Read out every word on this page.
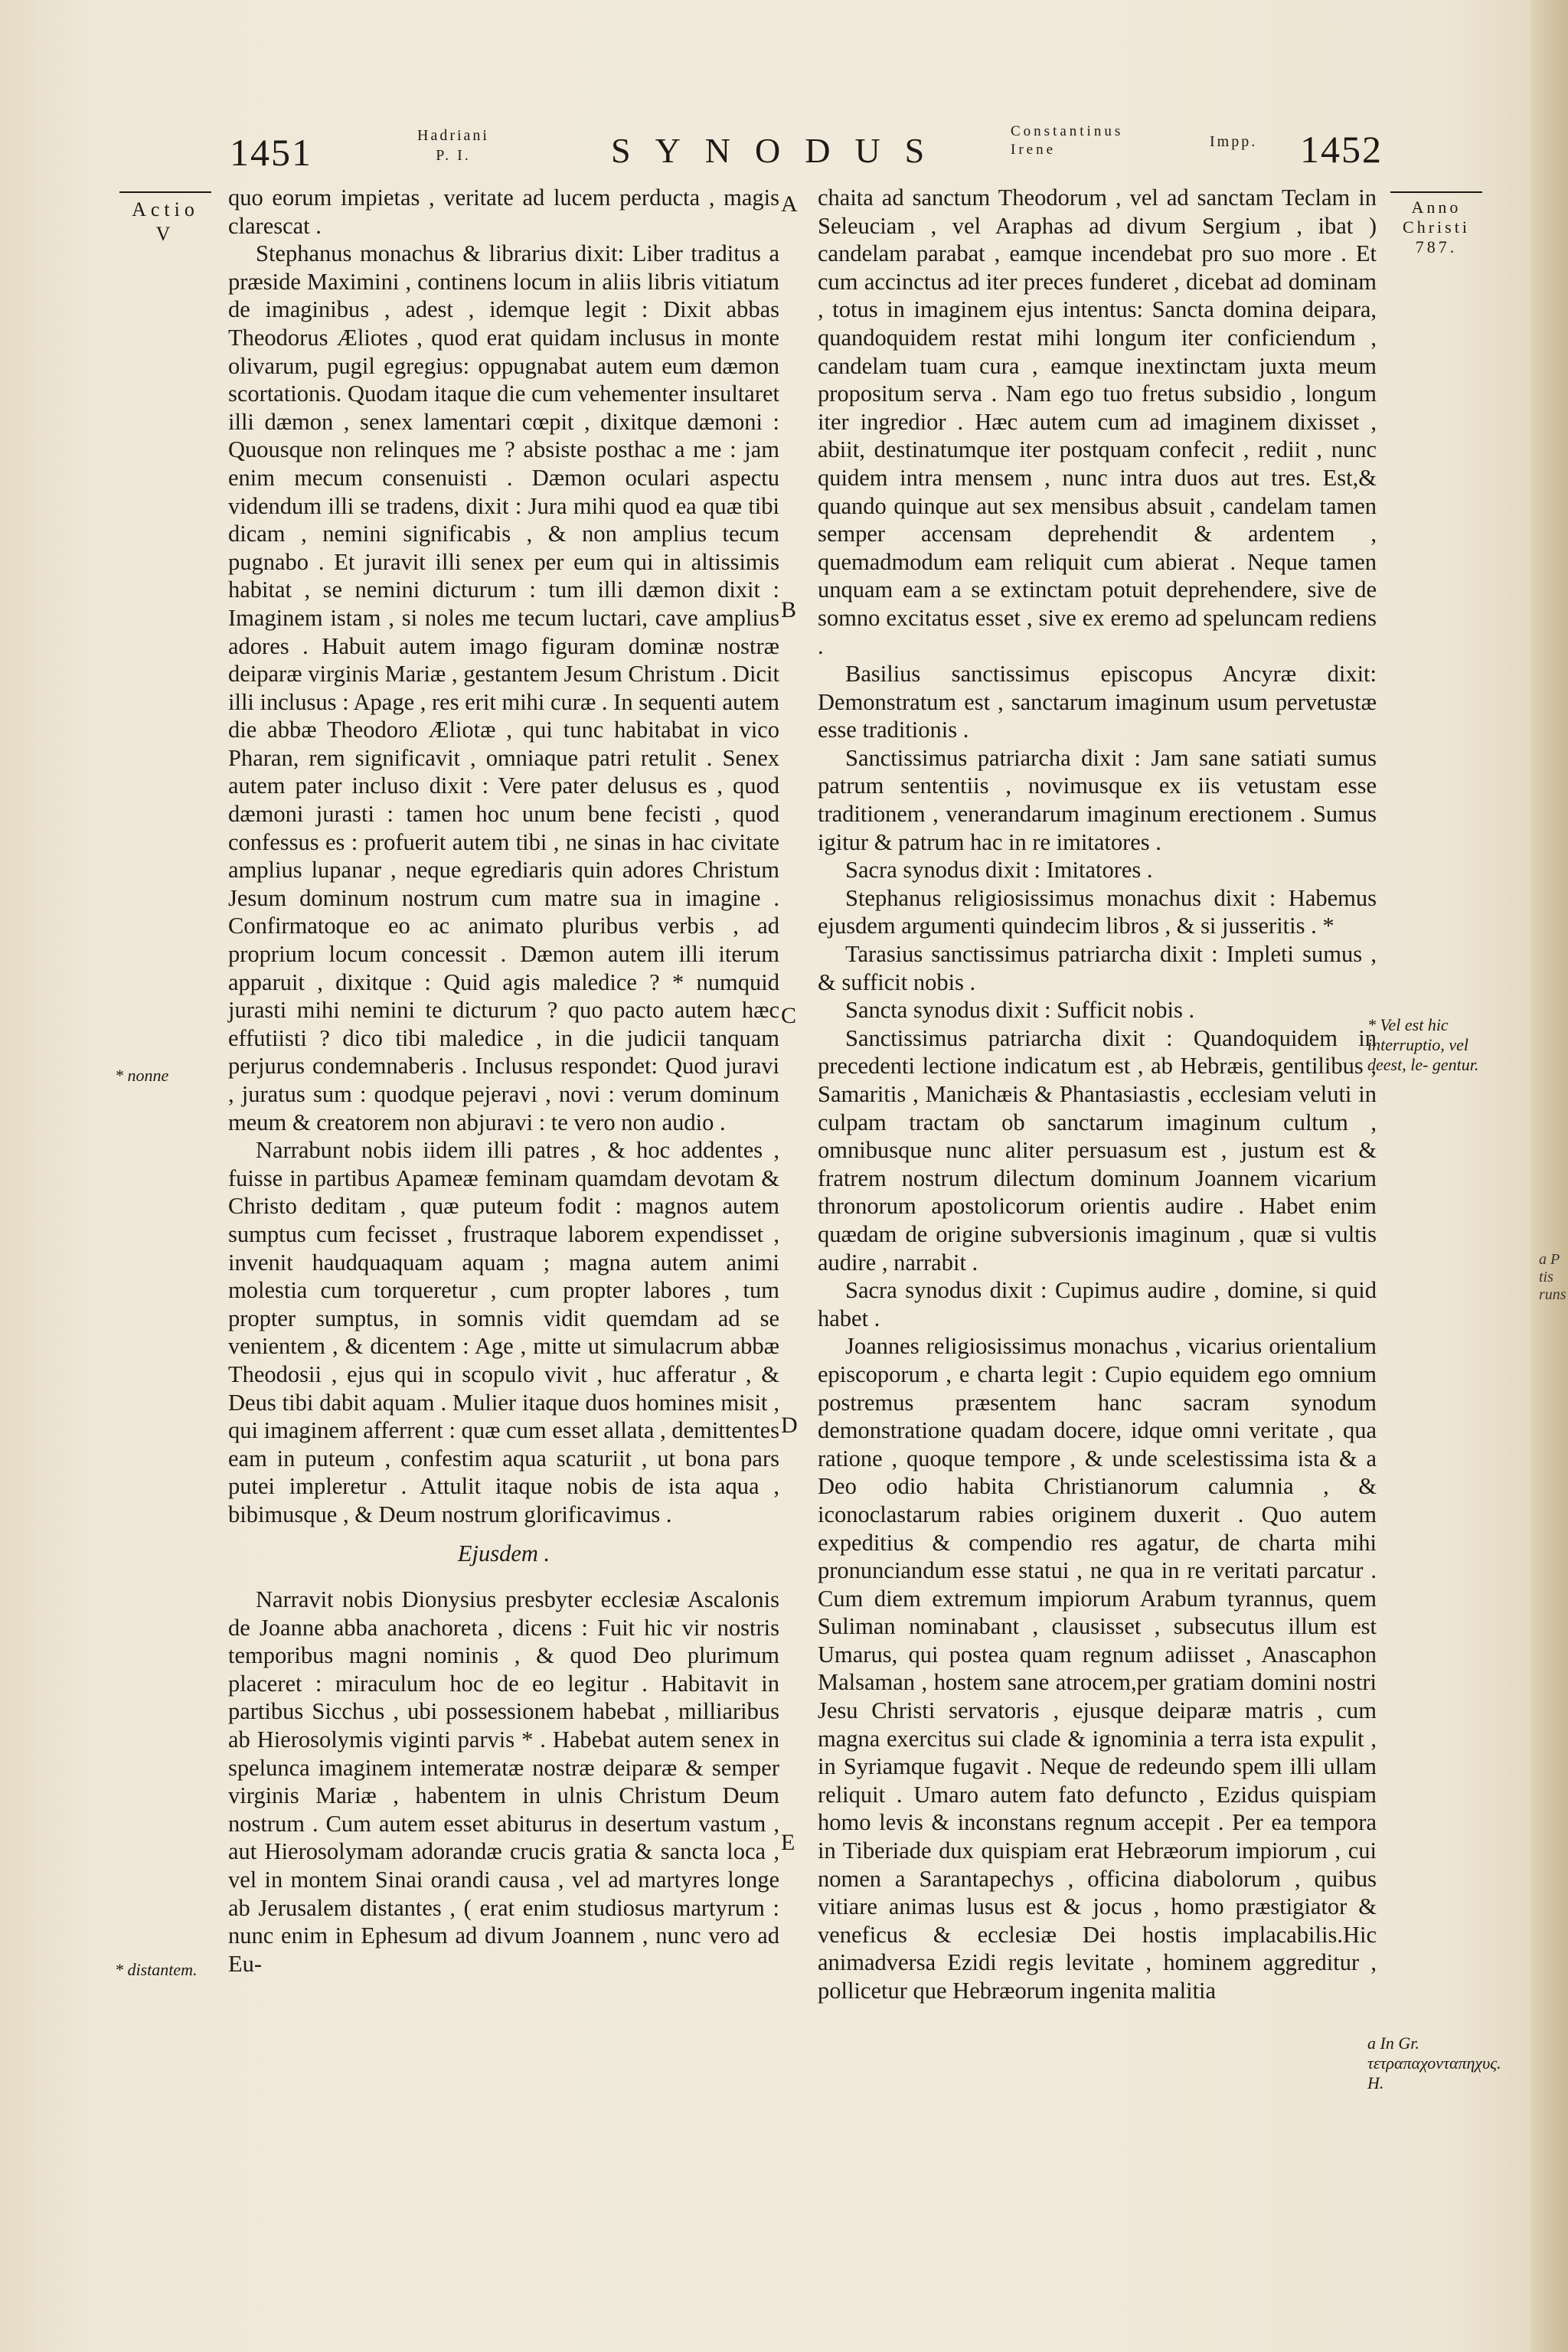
1451	Hadriani
P. I.	SYNODUS	Constantinus
Irene	Impp. 1452
Actio
V
Anno
Christi
787.

quo eorum impietas , veritate ad lucem perducta , magis clarescat .

Stephanus monachus & librarius dixit: Liber traditus a præside Maximini , continens locum in aliis libris vitiatum de imaginibus , adest , idemque legit : Dixit abbas Theodorus Æliotes , quod erat quidam inclusus in monte olivarum, pugil egregius: oppugnabat autem eum dæmon scortationis. Quodam itaque die cum vehementer insultaret illi dæmon , senex lamentari cœpit , dixitque dæmoni : Quousque non relinques me ? absiste posthac a me : jam enim mecum consenuisti . Dæmon oculari aspectu videndum illi se tradens, dixit : Jura mihi quod ea quæ tibi dicam , nemini significabis , & non amplius tecum pugnabo . Et juravit illi senex per eum qui in altissimis habitat , se nemini dicturum : tum illi dæmon dixit : Imaginem istam , si noles me tecum luctari, cave amplius adores . Habuit autem imago figuram dominæ nostræ deiparæ virginis Mariæ , gestantem Jesum Christum . Dicit illi inclusus : Apage , res erit mihi curæ . In sequenti autem die abbæ Theodoro Æliotæ , qui tunc habitabat in vico Pharan, rem significavit , omniaque patri retulit . Senex autem pater incluso dixit : Vere pater delusus es , quod dæmoni jurasti : tamen hoc unum bene fecisti , quod confessus es : profuerit autem tibi , ne sinas in hac civitate amplius lupanar , neque egrediaris quin adores Christum Jesum dominum nostrum cum matre sua in imagine . Confirmatoque eo ac animato pluribus verbis , ad proprium locum concessit . Dæmon autem illi iterum apparuit , dixitque : Quid agis maledice ? * numquid jurasti mihi nemini te dicturum ? quo pacto autem hæc effutiisti ? dico tibi maledice , in die judicii tanquam perjurus condemnaberis . Inclusus respondet: Quod juravi , juratus sum : quodque pejeravi , novi : verum dominum meum & creatorem non abjuravi : te vero non audio .

Narrabunt nobis iidem illi patres , & hoc addentes , fuisse in partibus Apameæ feminam quamdam devotam & Christo deditam , quæ puteum fodit : magnos autem sumptus cum fecisset , frustraque laborem expendisset , invenit haudquaquam aquam ; magna autem animi molestia cum torqueretur , cum propter labores , tum propter sumptus, in somnis vidit quemdam ad se venientem , & dicentem : Age , mitte ut simulacrum abbæ Theodosii , ejus qui in scopulo vivit , huc afferatur , & Deus tibi dabit aquam . Mulier itaque duos homines misit , qui imaginem afferrent : quæ cum esset allata , demittentes eam in puteum , confestim aqua scaturiit , ut bona pars putei impleretur . Attulit itaque nobis de ista aqua , bibimusque , & Deum nostrum glorificavimus .

Ejusdem .

Narravit nobis Dionysius presbyter ecclesiæ Ascalonis de Joanne abba anachoreta , dicens : Fuit hic vir nostris temporibus magni nominis , & quod Deo plurimum placeret : miraculum hoc de eo legitur . Habitavit in partibus Sicchus , ubi possessionem habebat , milliaribus ab Hierosolymis viginti parvis * . Habebat autem senex in spelunca imaginem intemeratæ nostræ deiparæ & semper virginis Mariæ , habentem in ulnis Christum Deum nostrum . Cum autem esset abiturus in desertum vastum , aut Hierosolymam adorandæ crucis gratia & sancta loca , vel in montem Sinai orandi causa , vel ad martyres longe ab Jerusalem distantes , ( erat enim studiosus martyrum : nunc enim in Ephesum ad divum Joannem , nunc vero ad Eu-

chaita ad sanctum Theodorum , vel ad sanctam Teclam in Seleuciam , vel Araphas ad divum Sergium , ibat ) candelam parabat , eamque incendebat pro suo more . Et cum accinctus ad iter preces funderet , dicebat ad dominam , totus in imaginem ejus intentus: Sancta domina deipara, quandoquidem restat mihi longum iter conficiendum , candelam tuam cura , eamque inextinctam juxta meum propositum serva . Nam ego tuo fretus subsidio , longum iter ingredior . Hæc autem cum ad imaginem dixisset , abiit, destinatumque iter postquam confecit , rediit , nunc quidem intra mensem , nunc intra duos aut tres. Est,& quando quinque aut sex mensibus absuit , candelam tamen semper accensam deprehendit & ardentem , quemadmodum eam reliquit cum abierat . Neque tamen unquam eam a se extinctam potuit deprehendere, sive de somno excitatus esset , sive ex eremo ad speluncam rediens .

Basilius sanctissimus episcopus Ancyræ dixit: Demonstratum est , sanctarum imaginum usum pervetustæ esse traditionis .

Sanctissimus patriarcha dixit : Jam sane satiati sumus patrum sententiis , novimusque ex iis vetustam esse traditionem , venerandarum imaginum erectionem . Sumus igitur & patrum hac in re imitatores .

Sacra synodus dixit : Imitatores .

Stephanus religiosissimus monachus dixit : Habemus ejusdem argumenti quindecim libros , & si jusseritis . *

Tarasius sanctissimus patriarcha dixit : Impleti sumus , & sufficit nobis .

Sancta synodus dixit : Sufficit nobis .

Sanctissimus patriarcha dixit : Quandoquidem in precedenti lectione indicatum est , ab Hebræis, gentilibus , Samaritis , Manichæis & Phantasiastis , ecclesiam veluti in culpam tractam ob sanctarum imaginum cultum , omnibusque nunc aliter persuasum est , justum est & fratrem nostrum dilectum dominum Joannem vicarium thronorum apostolicorum orientis audire . Habet enim quædam de origine subversionis imaginum , quæ si vultis audire , narrabit .

Sacra synodus dixit : Cupimus audire , domine, si quid habet .

Joannes religiosissimus monachus , vicarius orientalium episcoporum , e charta legit : Cupio equidem ego omnium postremus præsentem hanc sacram synodum demonstratione quadam docere, idque omni veritate , qua ratione , quoque tempore , & unde scelestissima ista & a Deo odio habita Christianorum calumnia , & iconoclastarum rabies originem duxerit . Quo autem expeditius & compendio res agatur, de charta mihi pronunciandum esse statui , ne qua in re veritati parcatur . Cum diem extremum impiorum Arabum tyrannus, quem Suliman nominabant , clausisset , subsecutus illum est Umarus, qui postea quam regnum adiisset , Anascaphon Malsaman , hostem sane atrocem,per gratiam domini nostri Jesu Christi servatoris , ejusque deiparæ matris , cum magna exercitus sui clade & ignominia a terra ista expulit , in Syriamque fugavit . Neque de redeundo spem illi ullam reliquit . Umaro autem fato defuncto , Ezidus quispiam homo levis & inconstans regnum accepit . Per ea tempora in Tiberiade dux quispiam erat Hebræorum impiorum , cui nomen a Sarantapechys , officina diabolorum , quibus vitiare animas lusus est & jocus , homo præstigiator & veneficus & ecclesiæ Dei hostis implacabilis.Hic animadversa Ezidi regis levitate , hominem aggreditur , pollicetur que Hebræorum ingenita malitia

A
B
C
D
E
* nonne
* distantem.
* Vel est hic interruptio, vel deest, le- gentur.
a In Gr. τετραπαχονταπηχυς. H.
a P tis runs
